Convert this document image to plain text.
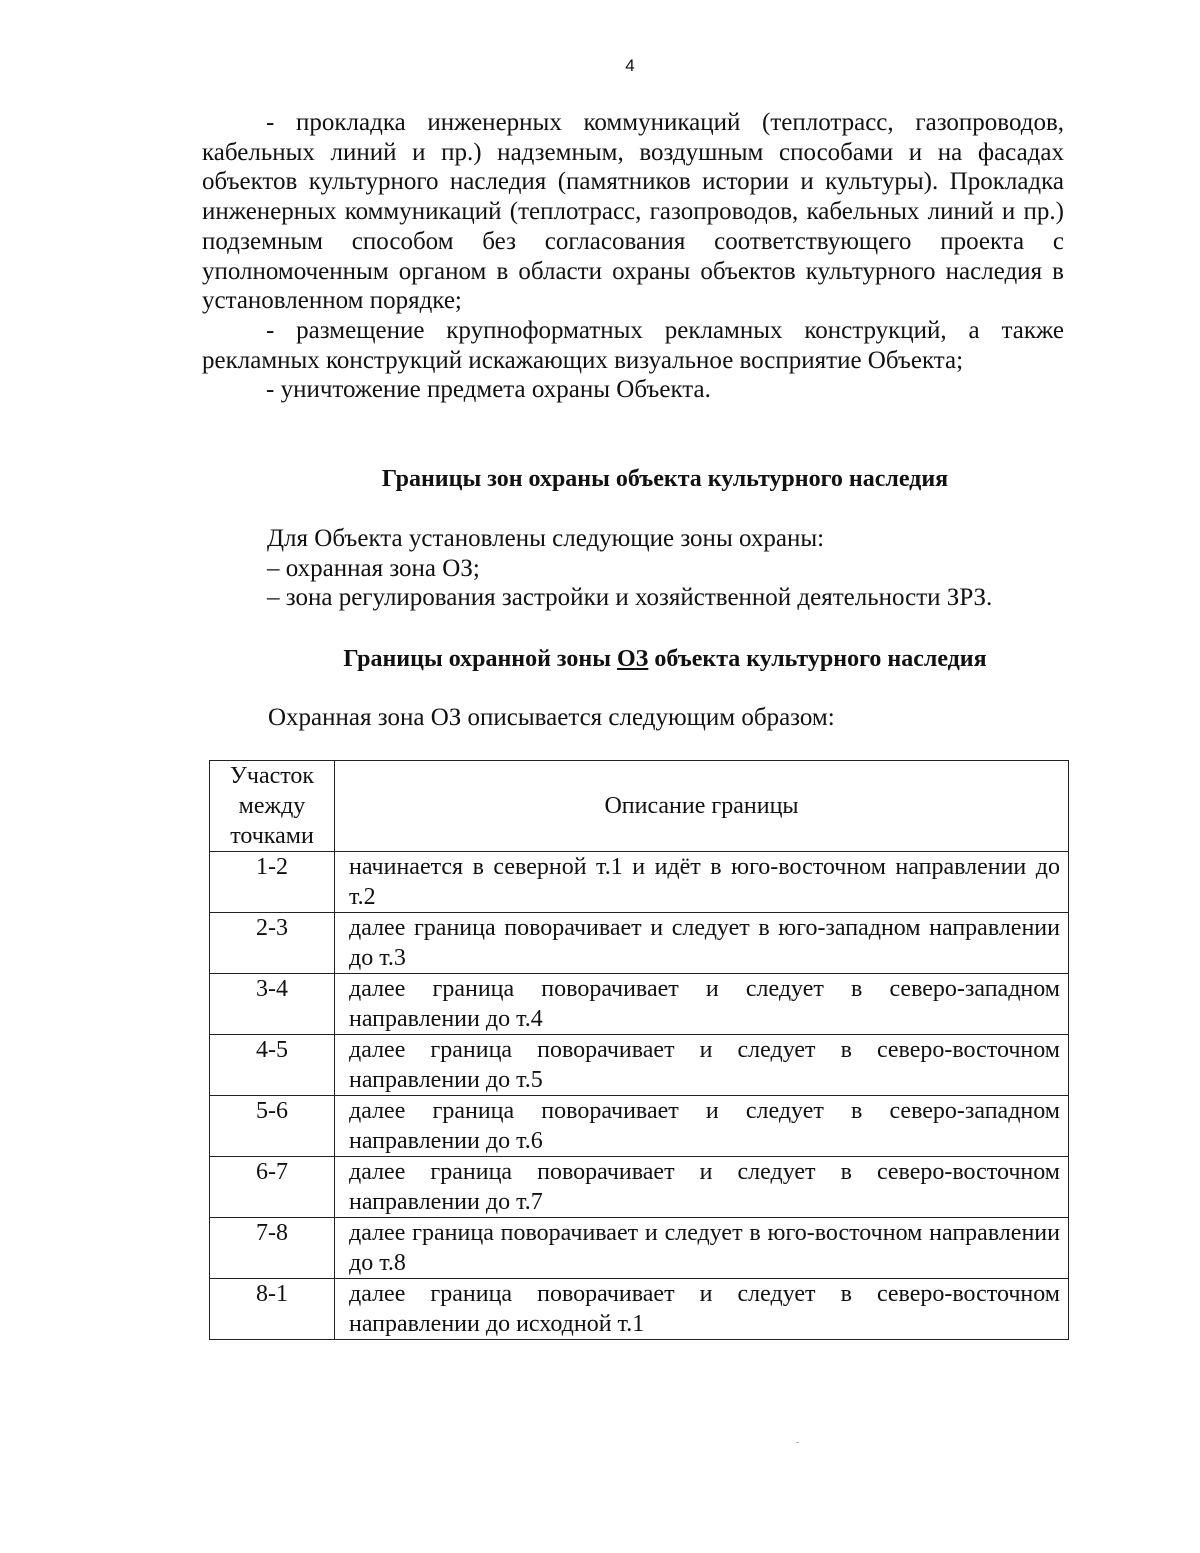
4

- прокладка инженерных коммуникаций (теплотрасс, газопроводов, кабельных линий и пр.) надземным, воздушным способами и на фасадах объектов культурного наследия (памятников истории и культуры). Прокладка инженерных коммуникаций (теплотрасс, газопроводов, кабельных линий и пр.) подземным способом без согласования соответствующего проекта с уполномоченным органом в области охраны объектов культурного наследия в установленном порядке;

- размещение крупноформатных рекламных конструкций, а также рекламных конструкций искажающих визуальное восприятие Объекта;

- уничтожение предмета охраны Объекта.

Границы зон охраны объекта культурного наследия
Для Объекта установлены следующие зоны охраны:
– охранная зона ОЗ;
– зона регулирования застройки и хозяйственной деятельности ЗРЗ.
Границы охранной зоны ОЗ объекта культурного наследия

Охранная зона ОЗ описывается следующим образом:

Участок
между
точками	Описание границы
1-2	начинается в северной т.1 и идёт в юго-восточном направлении до т.2
2-3	далее граница поворачивает и следует в юго-западном направлении до т.3
3-4	далее граница поворачивает и следует в северо-западном направлении до т.4
4-5	далее граница поворачивает и следует в северо-восточном направлении до т.5
5-6	далее граница поворачивает и следует в северо-западном направлении до т.6
6-7	далее граница поворачивает и следует в северо-восточном направлении до т.7
7-8	далее граница поворачивает и следует в юго-восточном направлении до т.8
8-1	далее граница поворачивает и следует в северо-восточном направлении до исходной т.1
